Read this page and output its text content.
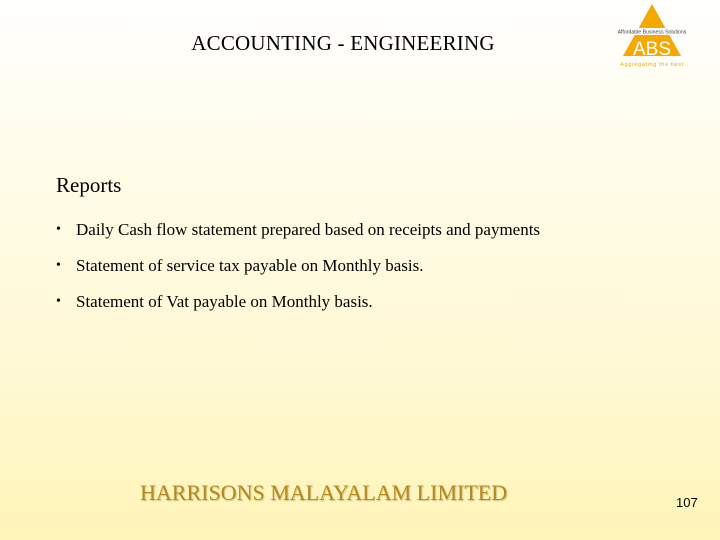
ACCOUNTING - ENGINEERING	Affordable Business Solutions
ABS
Aggregating the best
Reports
• Daily Cash flow statement prepared based on receipts and payments
• Statement of service tax payable on Monthly basis.
• Statement of Vat payable on Monthly basis.
HARRISONS MALAYALAM LIMITED	107
